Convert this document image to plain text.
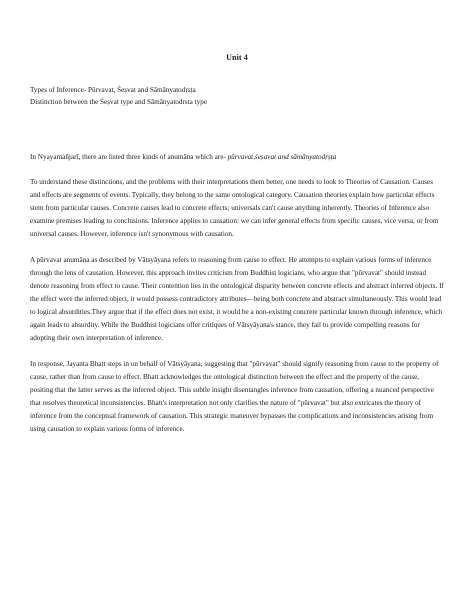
Unit 4

Types of Inference- Pūrvavat, Śeṣvat and Sāmānyatodṛṣṭa

Distinction between the Śeṣvat type and Sāmānyatodrsta type

In Nyayamañjarī, there are listed three kinds of anumāna which are- pūrvavat,śeṣavat and sāmānyatodṛṣṭa

To understand these distinctions, and the problems with their interpretations them better, one needs to look to Theories of Causation. Causes and effects are segments of events. Typically, they belong to the same ontological category. Causation theories explain how particular effects stem from particular causes. Concrete causes lead to concrete effects; universals can't cause anything inherently. Theories of Inference also examine premises leading to conclusions. Inference applies to causation: we can infer general effects from specific causes, vice versa, or from universal causes. However, inference isn't synonymous with causation.

A pūrvavat anumāna as described by Vātsyāyana refers to reasoning from cause to effect. He attempts to explain various forms of inference through the lens of causation. However, this approach invites criticism from Buddhist logicians, who argue that "pūrvavat" should instead denote reasoning from effect to cause. Their contention lies in the ontological disparity between concrete effects and abstract inferred objects. If the effect were the inferred object, it would possess contradictory attributes—being both concrete and abstract simultaneously. This would lead to logical absurdities.They argue that if the effect does not exist, it would be a non-existing concrete particular known through inference, which again leads to absurdity. While the Buddhist logicians offer critiques of Vātsyāyana's stance, they fail to provide compelling reasons for adopting their own interpretation of inference.

In response, Jayanta Bhatt steps in on behalf of Vātsyāyana, suggesting that "pūrvavat" should signify reasoning from cause to the property of cause, rather than from cause to effect. Bhatt acknowledges the ontological distinction between the effect and the property of the cause, positing that the latter serves as the inferred object. This subtle insight disentangles inference from causation, offering a nuanced perspective that resolves theoretical inconsistencies. Bhatt's interpretation not only clarifies the nature of "pūrvavat" but also extricates the theory of inference from the conceptual framework of causation. This strategic maneuver bypasses the complications and inconsistencies arising from using causation to explain various forms of inference.
